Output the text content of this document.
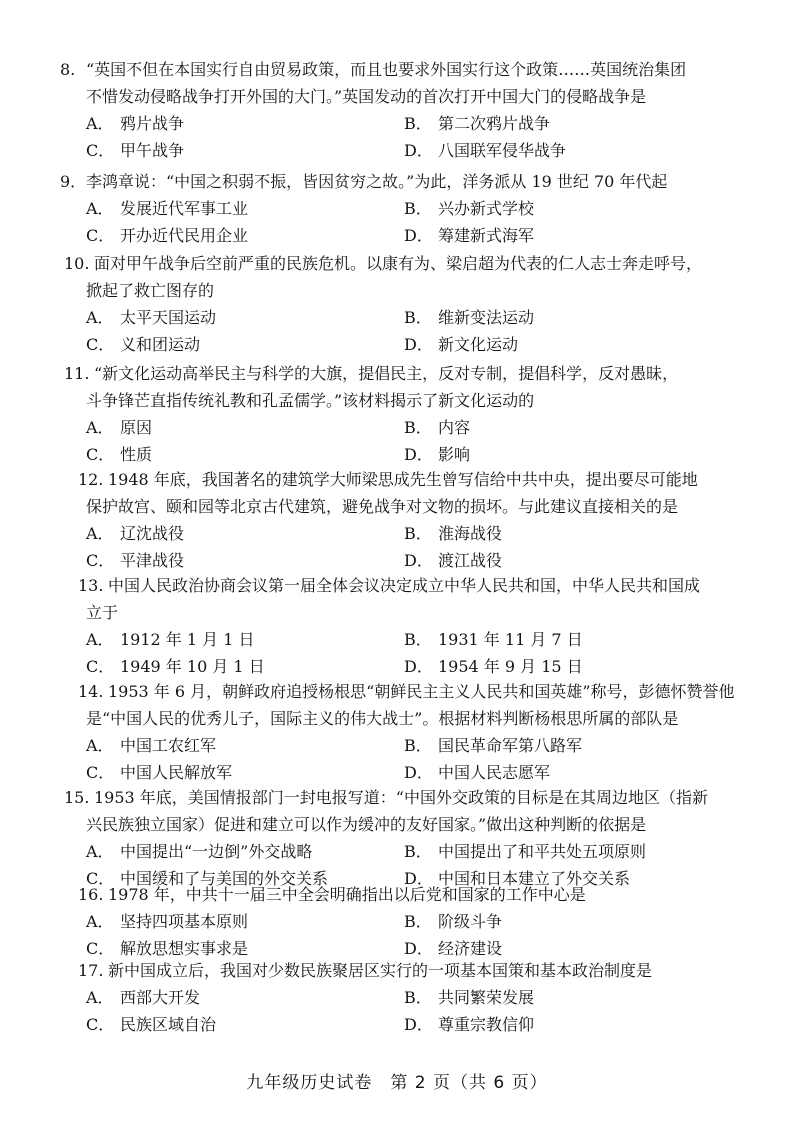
8. “英国不但在本国实行自由贸易政策，而且也要求外国实行这个政策……英国统治集团
不惜发动侵略战争打开外国的大门。”英国发动的首次打开中国大门的侵略战争是
A． 鸦片战争	B． 第二次鸦片战争
C． 甲午战争	D． 八国联军侵华战争
9．李鸿章说：“中国之积弱不振，皆因贫穷之故。”为此，洋务派从 19 世纪 70 年代起
A． 发展近代军事工业	B． 兴办新式学校
C． 开办近代民用企业	D． 筹建新式海军
10. 面对甲午战争后空前严重的民族危机。以康有为、梁启超为代表的仁人志士奔走呼号，
掀起了救亡图存的
A． 太平天国运动	B． 维新变法运动
C． 义和团运动	D． 新文化运动
11. “新文化运动高举民主与科学的大旗，提倡民主，反对专制，提倡科学，反对愚昧，
斗争锋芒直指传统礼教和孔孟儒学。”该材料揭示了新文化运动的
A． 原因	B． 内容
C． 性质	D． 影响
12. 1948 年底，我国著名的建筑学大师梁思成先生曾写信给中共中央，提出要尽可能地
保护故宫、颐和园等北京古代建筑，避免战争对文物的损坏。与此建议直接相关的是
A． 辽沈战役	B． 淮海战役
C． 平津战役	D． 渡江战役
13. 中国人民政治协商会议第一届全体会议决定成立中华人民共和国，中华人民共和国成
立于
A． 1912 年 1 月 1 日	B． 1931 年 11 月 7 日
C． 1949 年 10 月 1 日	D． 1954 年 9 月 15 日
14. 1953 年 6 月，朝鲜政府追授杨根思“朝鲜民主主义人民共和国英雄”称号，彭德怀赞誉他
是“中国人民的优秀儿子，国际主义的伟大战士”。根据材料判断杨根思所属的部队是
A． 中国工农红军	B． 国民革命军第八路军
C． 中国人民解放军	D． 中国人民志愿军
15. 1953 年底，美国情报部门一封电报写道：“中国外交政策的目标是在其周边地区（指新
兴民族独立国家）促进和建立可以作为缓冲的友好国家。”做出这种判断的依据是
A． 中国提出“一边倒”外交战略	B． 中国提出了和平共处五项原则
C． 中国缓和了与美国的外交关系	D． 中国和日本建立了外交关系
16. 1978 年，中共十一届三中全会明确指出以后党和国家的工作中心是
A． 坚持四项基本原则	B． 阶级斗争
C． 解放思想实事求是	D． 经济建设
17. 新中国成立后，我国对少数民族聚居区实行的一项基本国策和基本政治制度是
A． 西部大开发	B． 共同繁荣发展
C． 民族区域自治	D． 尊重宗教信仰
九年级历史试卷　第 2 页（共 6 页）
